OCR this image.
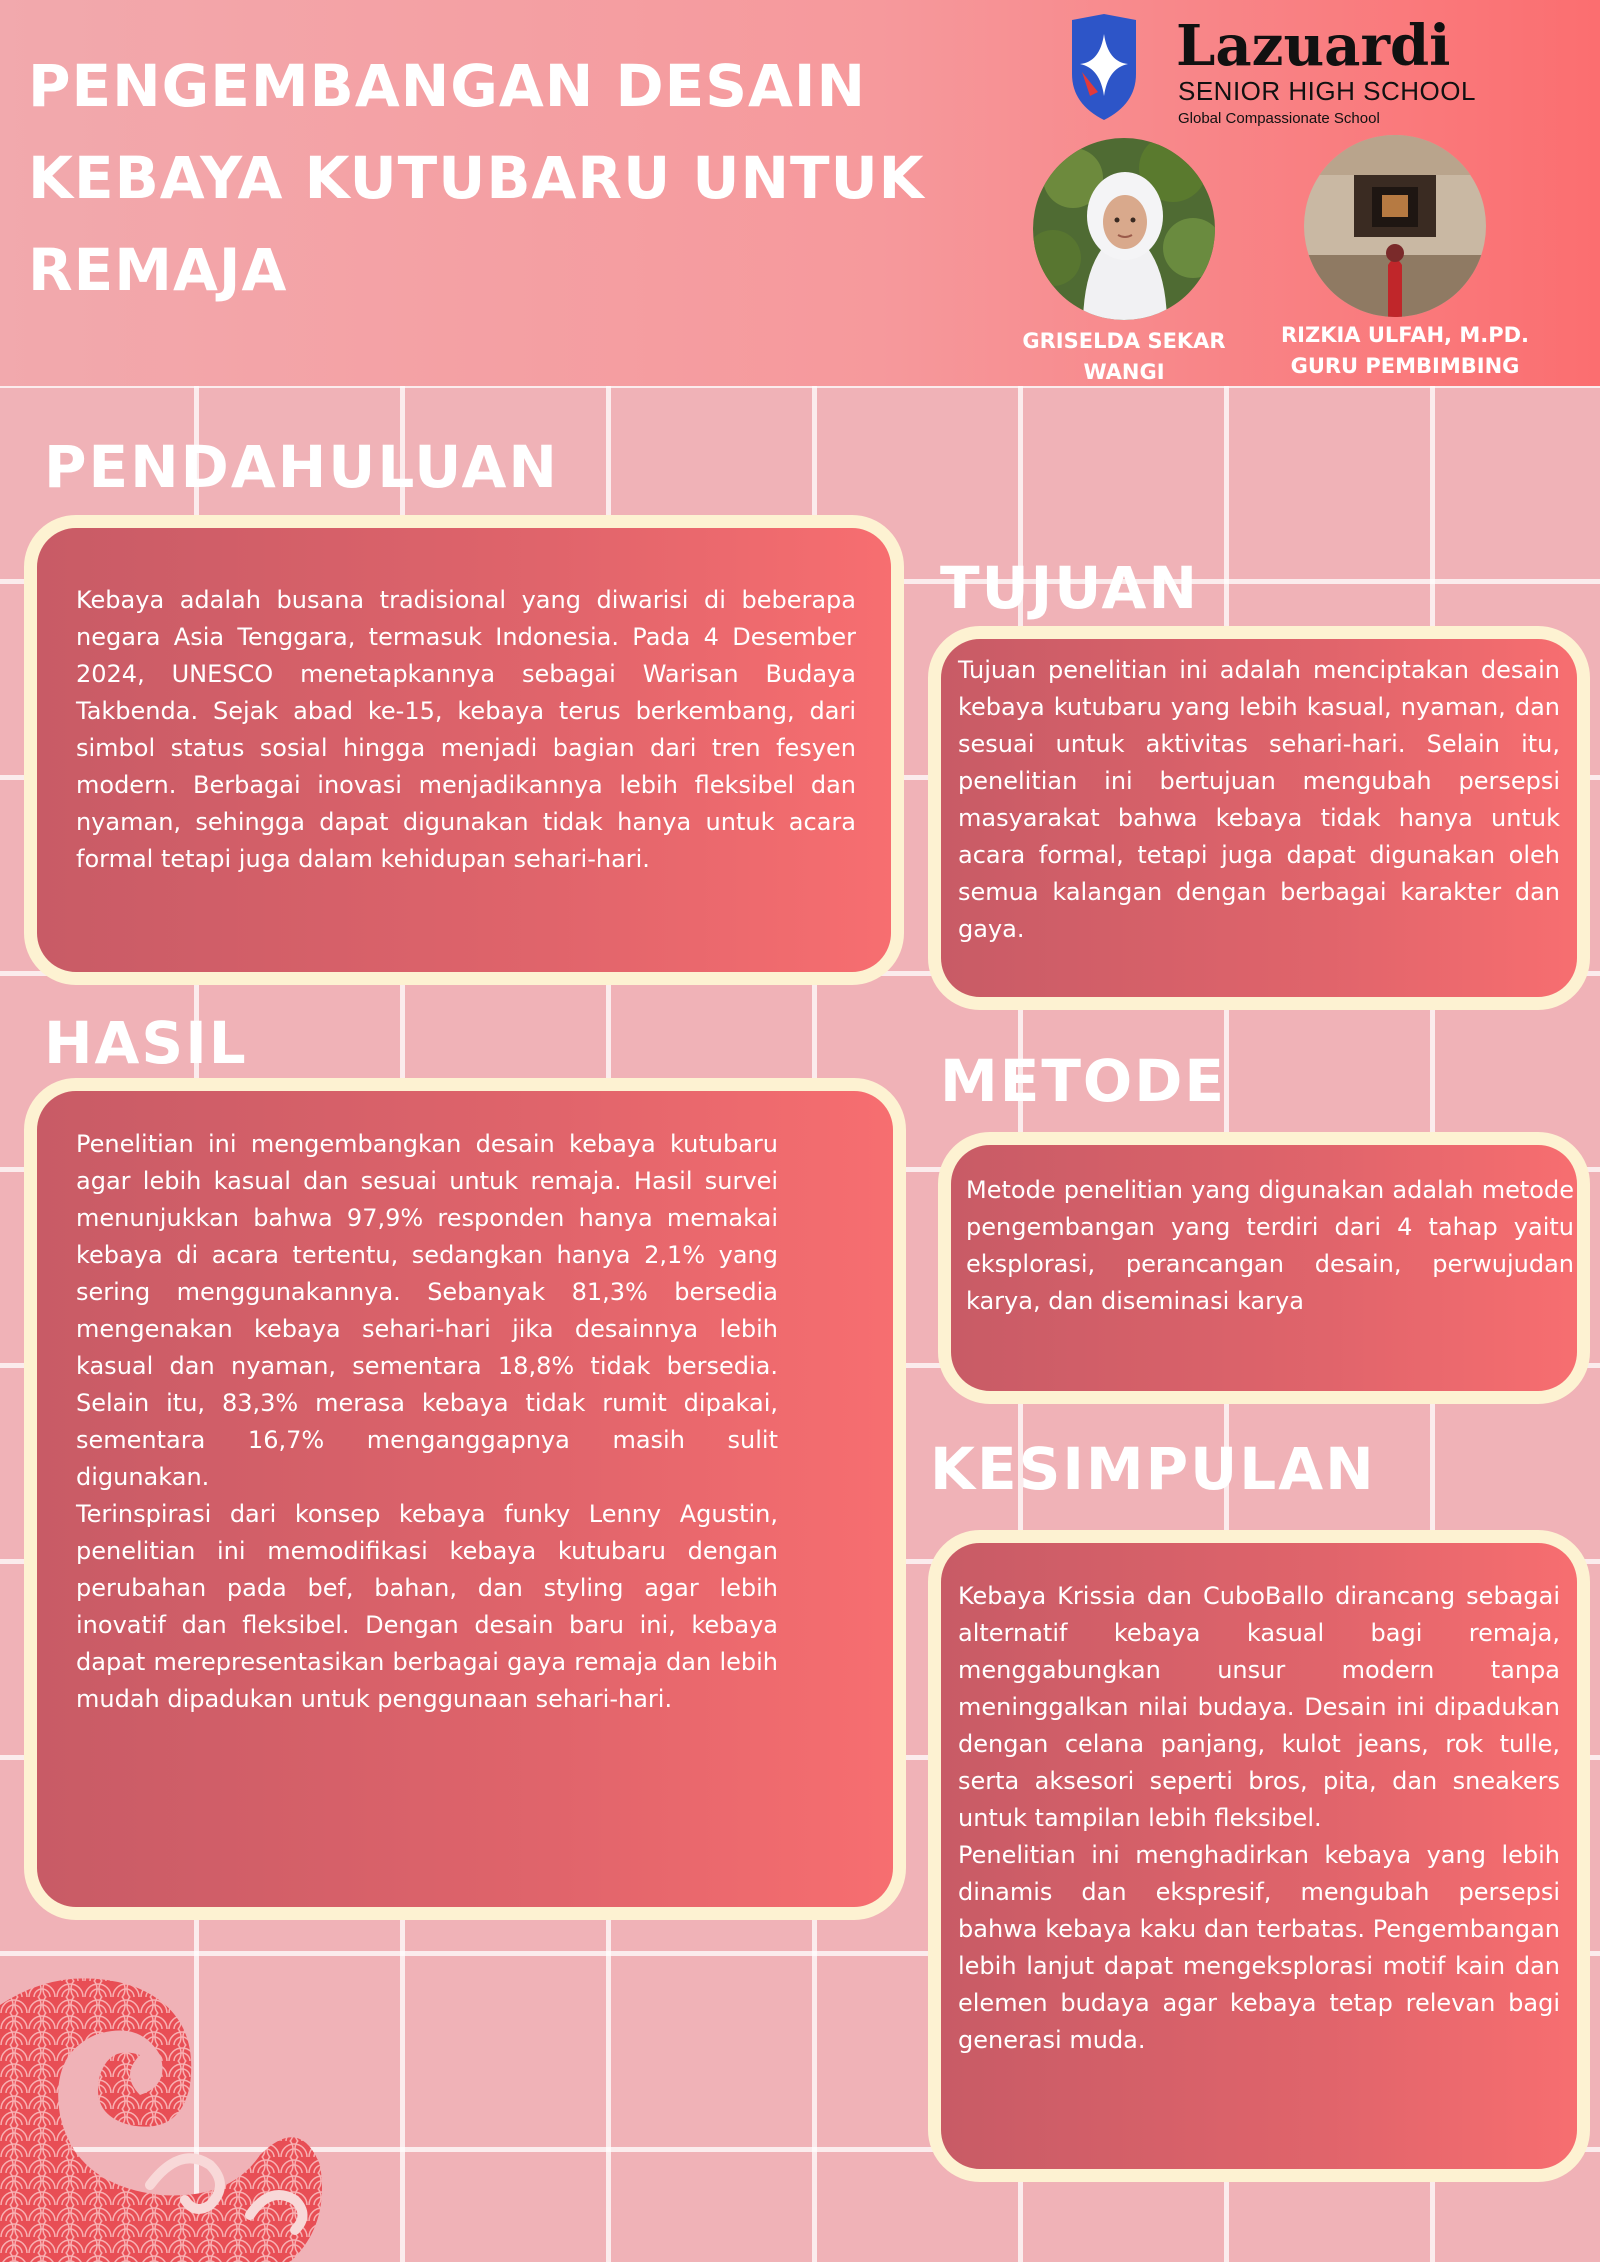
PENGEMBANGAN DESAIN
KEBAYA KUTUBARU UNTUK
REMAJA
Lazuardi
SENIOR HIGH SCHOOL
Global Compassionate School
GRISELDA SEKAR
WANGI
RIZKIA ULFAH, M.PD.
GURU PEMBIMBING
PENDAHULUAN

Kebaya adalah busana tradisional yang diwarisi di beberapa negara Asia Tenggara, termasuk Indonesia. Pada 4 Desember 2024, UNESCO menetapkannya sebagai Warisan Budaya Takbenda. Sejak abad ke-15, kebaya terus berkembang, dari simbol status sosial hingga menjadi bagian dari tren fesyen modern. Berbagai inovasi menjadikannya lebih fleksibel dan nyaman, sehingga dapat digunakan tidak hanya untuk acara formal tetapi juga dalam kehidupan sehari-hari.

TUJUAN

Tujuan penelitian ini adalah menciptakan desain kebaya kutubaru yang lebih kasual, nyaman, dan sesuai untuk aktivitas sehari-hari. Selain itu, penelitian ini bertujuan mengubah persepsi masyarakat bahwa kebaya tidak hanya untuk acara formal, tetapi juga dapat digunakan oleh semua kalangan dengan berbagai karakter dan gaya.

HASIL

Penelitian ini mengembangkan desain kebaya kutubaru agar lebih kasual dan sesuai untuk remaja. Hasil survei menunjukkan bahwa 97,9% responden hanya memakai kebaya di acara tertentu, sedangkan hanya 2,1% yang sering menggunakannya. Sebanyak 81,3% bersedia mengenakan kebaya sehari-hari jika desainnya lebih kasual dan nyaman, sementara 18,8% tidak bersedia. Selain itu, 83,3% merasa kebaya tidak rumit dipakai, sementara 16,7% menganggapnya masih sulit digunakan.

Terinspirasi dari konsep kebaya funky Lenny Agustin, penelitian ini memodifikasi kebaya kutubaru dengan perubahan pada bef, bahan, dan styling agar lebih inovatif dan fleksibel. Dengan desain baru ini, kebaya dapat merepresentasikan berbagai gaya remaja dan lebih mudah dipadukan untuk penggunaan sehari-hari.

METODE

Metode penelitian yang digunakan adalah metode pengembangan yang terdiri dari 4 tahap yaitu eksplorasi, perancangan desain, perwujudan karya, dan diseminasi karya

KESIMPULAN

Kebaya Krissia dan CuboBallo dirancang sebagai alternatif kebaya kasual bagi remaja, menggabungkan unsur modern tanpa meninggalkan nilai budaya. Desain ini dipadukan dengan celana panjang, kulot jeans, rok tulle, serta aksesori seperti bros, pita, dan sneakers untuk tampilan lebih fleksibel.

Penelitian ini menghadirkan kebaya yang lebih dinamis dan ekspresif, mengubah persepsi bahwa kebaya kaku dan terbatas. Pengembangan lebih lanjut dapat mengeksplorasi motif kain dan elemen budaya agar kebaya tetap relevan bagi generasi muda.
